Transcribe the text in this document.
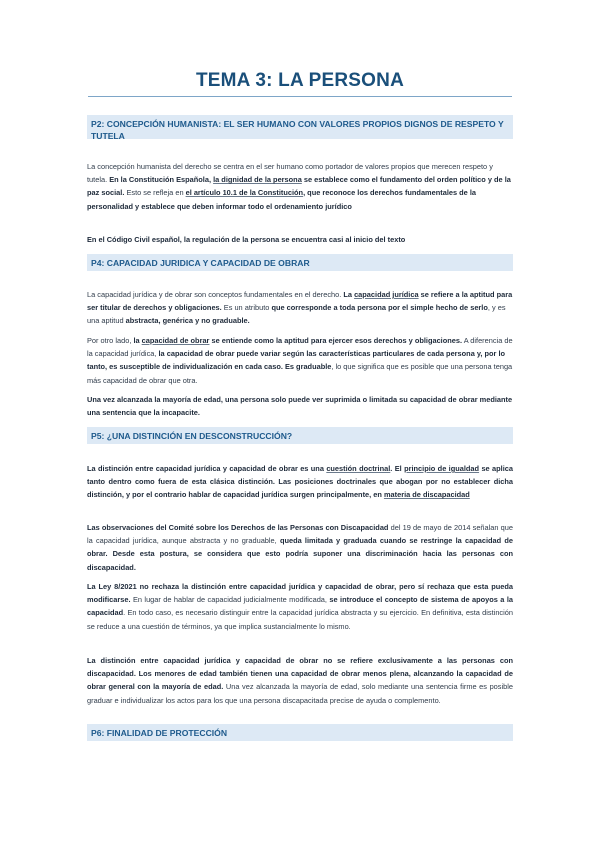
TEMA 3: LA PERSONA
P2: CONCEPCIÓN HUMANISTA: EL SER HUMANO CON VALORES PROPIOS DIGNOS DE RESPETO Y TUTELA
La concepción humanista del derecho se centra en el ser humano como portador de valores propios que merecen respeto y tutela. En la Constitución Española, la dignidad de la persona se establece como el fundamento del orden político y de la paz social. Esto se refleja en el artículo 10.1 de la Constitución, que reconoce los derechos fundamentales de la personalidad y establece que deben informar todo el ordenamiento jurídico
En el Código Civil español, la regulación de la persona se encuentra casi al inicio del texto
P4: CAPACIDAD JURIDICA Y CAPACIDAD DE OBRAR
La capacidad jurídica y de obrar son conceptos fundamentales en el derecho. La capacidad jurídica se refiere a la aptitud para ser titular de derechos y obligaciones. Es un atributo que corresponde a toda persona por el simple hecho de serlo, y es una aptitud abstracta, genérica y no graduable.
Por otro lado, la capacidad de obrar se entiende como la aptitud para ejercer esos derechos y obligaciones. A diferencia de la capacidad jurídica, la capacidad de obrar puede variar según las características particulares de cada persona y, por lo tanto, es susceptible de individualización en cada caso. Es graduable, lo que significa que es posible que una persona tenga más capacidad de obrar que otra.
Una vez alcanzada la mayoría de edad, una persona solo puede ver suprimida o limitada su capacidad de obrar mediante una sentencia que la incapacite.
P5: ¿UNA DISTINCIÓN EN DESCONSTRUCCIÓN?
La distinción entre capacidad jurídica y capacidad de obrar es una cuestión doctrinal. El principio de igualdad se aplica tanto dentro como fuera de esta clásica distinción. Las posiciones doctrinales que abogan por no establecer dicha distinción, y por el contrario hablar de capacidad jurídica surgen principalmente, en materia de discapacidad
Las observaciones del Comité sobre los Derechos de las Personas con Discapacidad del 19 de mayo de 2014 señalan que la capacidad jurídica, aunque abstracta y no graduable, queda limitada y graduada cuando se restringe la capacidad de obrar. Desde esta postura, se considera que esto podría suponer una discriminación hacia las personas con discapacidad.
La Ley 8/2021 no rechaza la distinción entre capacidad jurídica y capacidad de obrar, pero sí rechaza que esta pueda modificarse. En lugar de hablar de capacidad judicialmente modificada, se introduce el concepto de sistema de apoyos a la capacidad. En todo caso, es necesario distinguir entre la capacidad jurídica abstracta y su ejercicio. En definitiva, esta distinción se reduce a una cuestión de términos, ya que implica sustancialmente lo mismo.
La distinción entre capacidad jurídica y capacidad de obrar no se refiere exclusivamente a las personas con discapacidad. Los menores de edad también tienen una capacidad de obrar menos plena, alcanzando la capacidad de obrar general con la mayoría de edad. Una vez alcanzada la mayoría de edad, solo mediante una sentencia firme es posible graduar e individualizar los actos para los que una persona discapacitada precise de ayuda o complemento.
P6: FINALIDAD DE PROTECCIÓN
